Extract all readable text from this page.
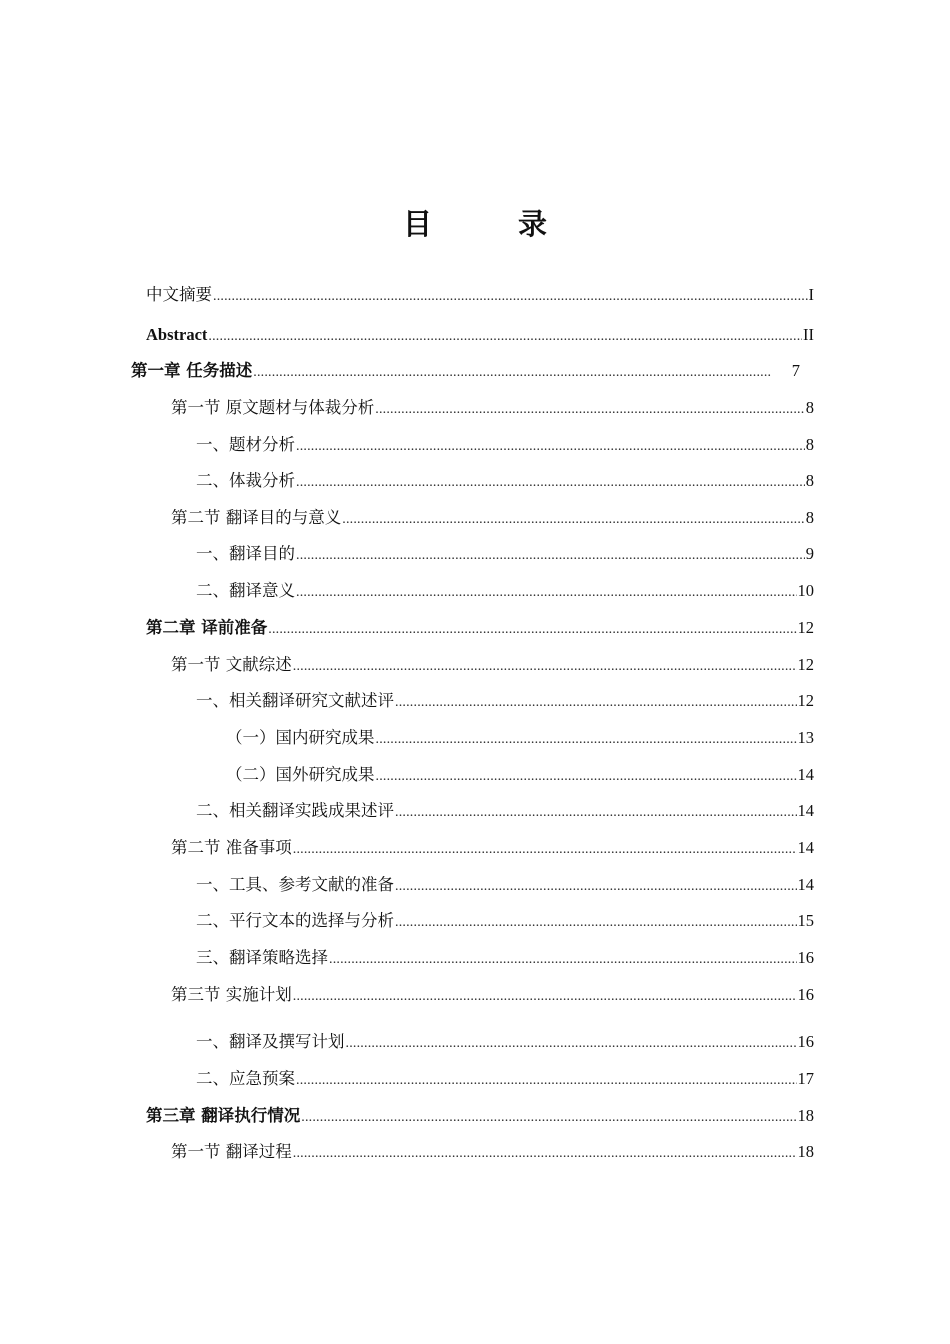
目 录
中文摘要 .....	I
Abstract .....	II
第一章 任务描述 .....	7
第一节 原文题材与体裁分析 .....	8
一、题材分析 .....	8
二、体裁分析 .....	8
第二节 翻译目的与意义 .....	8
一、翻译目的 .....	9
二、翻译意义 .....	10
第二章 译前准备 .....	12
第一节 文献综述 .....	12
一、相关翻译研究文献述评 .....	12
（一）国内研究成果 .....	13
（二）国外研究成果 .....	14
二、相关翻译实践成果述评 .....	14
第二节 准备事项 .....	14
一、工具、参考文献的准备 .....	14
二、平行文本的选择与分析 .....	15
三、翻译策略选择 .....	16
第三节 实施计划 .....	16
一、翻译及撰写计划 .....	16
二、应急预案 .....	17
第三章 翻译执行情况 .....	18
第一节 翻译过程 .....	18
